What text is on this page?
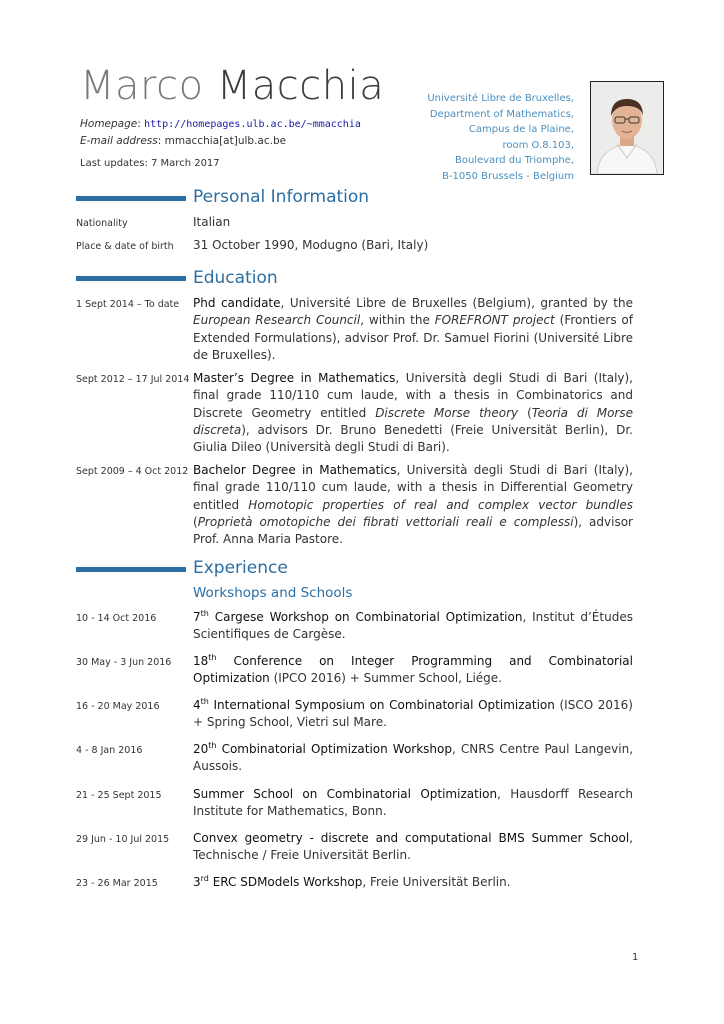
Marco Macchia
Homepage: http://homepages.ulb.ac.be/~mmacchia
E-mail address: mmacchia[at]ulb.ac.be
Last updates: 7 March 2017
Université Libre de Bruxelles,
Department of Mathematics,
Campus de la Plaine,
room O.8.103,
Boulevard du Triomphe,
B-1050 Brussels - Belgium
Personal Information
Nationality	Italian
Place & date of birth 31 October 1990, Modugno (Bari, Italy)
Education
1 Sept 2014 – To date Phd candidate, Université Libre de Bruxelles (Belgium), granted by the European Research Council, within the FOREFRONT project (Frontiers of Extended Formulations), advisor Prof. Dr. Samuel Fiorini (Université Libre de Bruxelles).
Sept 2012 – 17 Jul 2014 Master’s Degree in Mathematics, Università degli Studi di Bari (Italy), final grade 110/110 cum laude, with a thesis in Combinatorics and Discrete Geometry entitled Discrete Morse theory (Teoria di Morse discreta), advisors Dr. Bruno Benedetti (Freie Universität Berlin), Dr. Giulia Dileo (Università degli Studi di Bari).
Sept 2009 – 4 Oct 2012 Bachelor Degree in Mathematics, Università degli Studi di Bari (Italy), final grade 110/110 cum laude, with a thesis in Differential Geometry entitled Homotopic properties of real and complex vector bundles (Proprietà omotopiche dei fibrati vettoriali reali e complessi), advisor Prof. Anna Maria Pastore.
Experience
Workshops and Schools
10 - 14 Oct 2016	7th Cargese Workshop on Combinatorial Optimization, Institut d’Études Scientifiques de Cargèse.
30 May - 3 Jun 2016 18th Conference on Integer Programming and Combinatorial Optimization (IPCO 2016) + Summer School, Liége.
16 - 20 May 2016	4th International Symposium on Combinatorial Optimization (ISCO 2016) + Spring School, Vietri sul Mare.
4 - 8 Jan 2016	20th Combinatorial Optimization Workshop, CNRS Centre Paul Langevin, Aussois.
21 - 25 Sept 2015	Summer School on Combinatorial Optimization, Hausdorff Research Institute for Mathematics, Bonn.
29 Jun - 10 Jul 2015 Convex geometry - discrete and computational BMS Summer School, Technische / Freie Universität Berlin.
23 - 26 Mar 2015	3rd ERC SDModels Workshop, Freie Universität Berlin.
1
